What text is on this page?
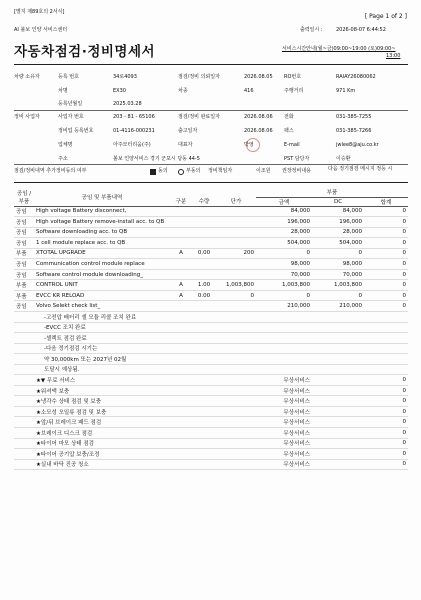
[별지 제89호의 2서식]
[ Page 1 of 2 ]
AI 볼보 인양 서비스센터	출력일시 :	2026-08-07 6:44:52
자동차점검·정비명세서	서비스시간안내(월~금)09:00~19:00 (토)09:00~
13:00
차량 소유자	등록 번호	34로4093
차명	EX30
등록년월일	2025.03.28
점검/정비 의뢰일자	2026.08.05 RO번호	RAIAY26080062
차종	416	주행거리	971 Km
정비 사업자	사업자 번호	203 - 81 - 65106
정비업 등록번호	01-4116-000231
업체명	아주모터리움(주)
주소	볼보 인양서비스 경기 군포시 당동 44-5
점검/정비 완료일자	2026.08.06
출고일자	2026.08.06
대표자	박영
전화	031-385-7255
팩스	031-385-7266
E-mail	jwlee8@aju.co.kr
PST 담당자	이승환
점검/정비내역 추가정비등의 여부	동의	부동의 정비책임자	이조원 권장정비내용	다음 정기점검 메시지 정등 시
공임 / 부품	공임 및 부품내역				부품		
		구분	수량	단가	금액	DC	합계
공임	High voltage Battery disconnect,				84,000	84,000	0
공임	High voltage Battery remove-install acc. to QB				196,000	196,000	0
공임	Software downloading acc. to QB				28,000	28,000	0
공임	1 cell module replace acc. to QB				504,000	504,000	0
부품	XTOTAL UPGRADE	A	0.00	200	0	0	0
공임	Communication control module replace				98,000	98,000	0
공임	Software control module downloading_				70,000	70,000	0
부품	CONTROL UNIT	A	1.00	1,003,800	1,003,800	1,003,800	0
부품	EVCC KR RELOAD	A	0.00	0	0	0	0
공임	Volvo Selekt check list_				210,000	210,000	0
	-고전압 배터리 셀 모듈 리콜 조치 완료						
	-EVCC 조치 완료						
	-셀렉트 점검 완료						
	-다음 정기점검 시기는						
	약 30,000km 또는 2027년 02월						
	도달시 예상됨.						
	★▼ 무료 서비스				무상서비스		0
	★워셔액 보충				무상서비스		0
	★냉각수 상태 점검 및 보충				무상서비스		0
	★소모성 오일류 점검 및 보충				무상서비스		0
	★앞/뒤 브레이크 패드 점검				무상서비스		0
	★브레이크 디스크 점검				무상서비스		0
	★타이어 마모 상태 점검				무상서비스		0
	★타이어 공기압 보충/조정				무상서비스		0
	★실내 바닥 진공 청소				무상서비스		0
